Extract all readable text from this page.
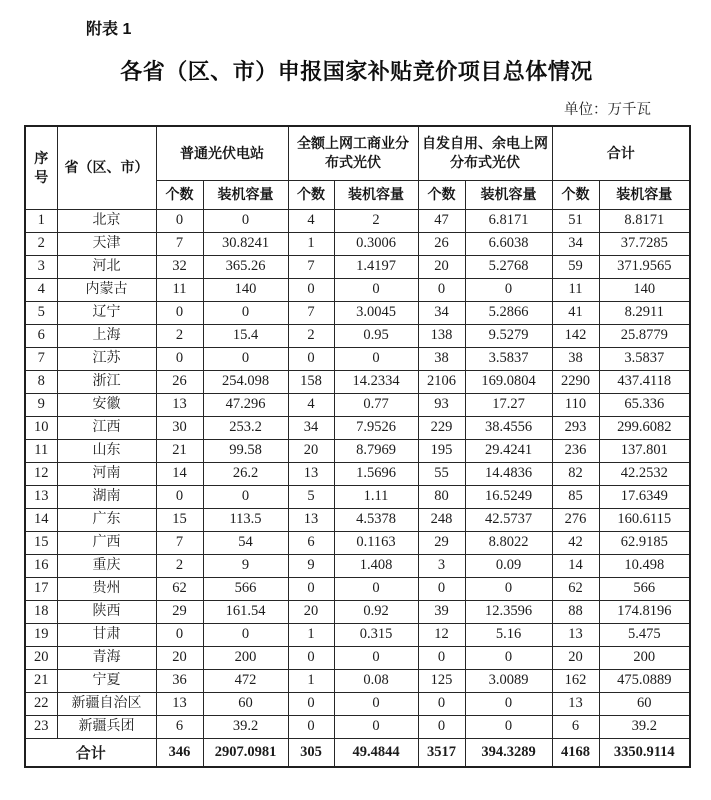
附表 1
各省（区、市）申报国家补贴竞价项目总体情况
单位：万千瓦
序号	省（区、市）	普通光伏电站		全额上网工商业分布式光伏		自发自用、余电上网分布式光伏		合计	
		个数	装机容量	个数	装机容量	个数	装机容量	个数	装机容量
1	北京	0	0	4	2	47	6.8171	51	8.8171
2	天津	7	30.8241	1	0.3006	26	6.6038	34	37.7285
3	河北	32	365.26	7	1.4197	20	5.2768	59	371.9565
4	内蒙古	11	140	0	0	0	0	11	140
5	辽宁	0	0	7	3.0045	34	5.2866	41	8.2911
6	上海	2	15.4	2	0.95	138	9.5279	142	25.8779
7	江苏	0	0	0	0	38	3.5837	38	3.5837
8	浙江	26	254.098	158	14.2334	2106	169.0804	2290	437.4118
9	安徽	13	47.296	4	0.77	93	17.27	110	65.336
10	江西	30	253.2	34	7.9526	229	38.4556	293	299.6082
11	山东	21	99.58	20	8.7969	195	29.4241	236	137.801
12	河南	14	26.2	13	1.5696	55	14.4836	82	42.2532
13	湖南	0	0	5	1.11	80	16.5249	85	17.6349
14	广东	15	113.5	13	4.5378	248	42.5737	276	160.6115
15	广西	7	54	6	0.1163	29	8.8022	42	62.9185
16	重庆	2	9	9	1.408	3	0.09	14	10.498
17	贵州	62	566	0	0	0	0	62	566
18	陕西	29	161.54	20	0.92	39	12.3596	88	174.8196
19	甘肃	0	0	1	0.315	12	5.16	13	5.475
20	青海	20	200	0	0	0	0	20	200
21	宁夏	36	472	1	0.08	125	3.0089	162	475.0889
22	新疆自治区	13	60	0	0	0	0	13	60
23	新疆兵团	6	39.2	0	0	0	0	6	39.2
合计		346	2907.0981	305	49.4844	3517	394.3289	4168	3350.9114
